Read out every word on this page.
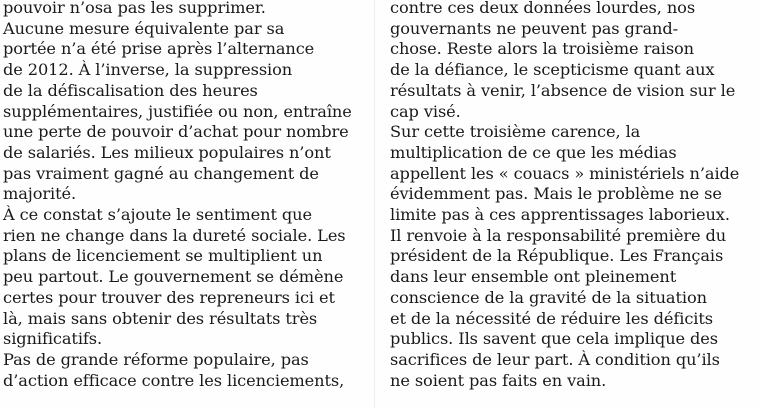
pouvoir n’osa pas les supprimer.
Aucune mesure équivalente par sa
portée n’a été prise après l’alternance
de 2012. À l’inverse, la suppression
de la défiscalisation des heures
supplémentaires, justifiée ou non, entraîne
une perte de pouvoir d’achat pour nombre
de salariés. Les milieux populaires n’ont
pas vraiment gagné au changement de
majorité.
À ce constat s’ajoute le sentiment que
rien ne change dans la dureté sociale. Les
plans de licenciement se multiplient un
peu partout. Le gouvernement se démène
certes pour trouver des repreneurs ici et
là, mais sans obtenir des résultats très
significatifs.
Pas de grande réforme populaire, pas
d’action efficace contre les licenciements,
contre ces deux données lourdes, nos
gouvernants ne peuvent pas grand-
chose. Reste alors la troisième raison
de la défiance, le scepticisme quant aux
résultats à venir, l’absence de vision sur le
cap visé.
Sur cette troisième carence, la
multiplication de ce que les médias
appellent les « couacs » ministériels n’aide
évidemment pas. Mais le problème ne se
limite pas à ces apprentissages laborieux.
Il renvoie à la responsabilité première du
président de la République. Les Français
dans leur ensemble ont pleinement
conscience de la gravité de la situation
et de la nécessité de réduire les déficits
publics. Ils savent que cela implique des
sacrifices de leur part. À condition qu’ils
ne soient pas faits en vain.
